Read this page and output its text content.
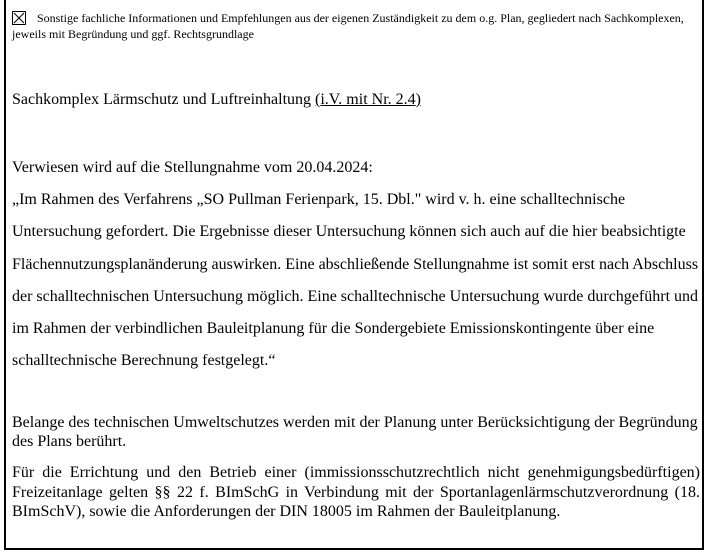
Sonstige fachliche Informationen und Empfehlungen aus der eigenen Zuständigkeit zu dem o.g. Plan, gegliedert nach Sachkomplexen, jeweils mit Begründung und ggf. Rechtsgrundlage
Sachkomplex Lärmschutz und Luftreinhaltung (i.V. mit Nr. 2.4)

Verwiesen wird auf die Stellungnahme vom 20.04.2024:

„Im Rahmen des Verfahrens „SO Pullman Ferienpark, 15. Dbl." wird v. h. eine schalltechnische Untersuchung gefordert. Die Ergebnisse dieser Untersuchung können sich auch auf die hier beabsichtigte Flächennutzungsplanänderung auswirken. Eine abschließende Stellungnahme ist somit erst nach Abschluss der schalltechnischen Untersuchung möglich. Eine schalltechnische Untersuchung wurde durchgeführt und im Rahmen der verbindlichen Bauleitplanung für die Sondergebiete Emissionskontingente über eine schalltechnische Berechnung festgelegt.“

Belange des technischen Umweltschutzes werden mit der Planung unter Berücksichtigung der Begründung des Plans berührt.

Für die Errichtung und den Betrieb einer (immissionsschutzrechtlich nicht genehmigungsbedürftigen) Freizeitanlage gelten §§ 22 f. BImSchG in Verbindung mit der Sportanlagenlärmschutzverordnung (18. BImSchV), sowie die Anforderungen der DIN 18005 im Rahmen der Bauleitplanung.
